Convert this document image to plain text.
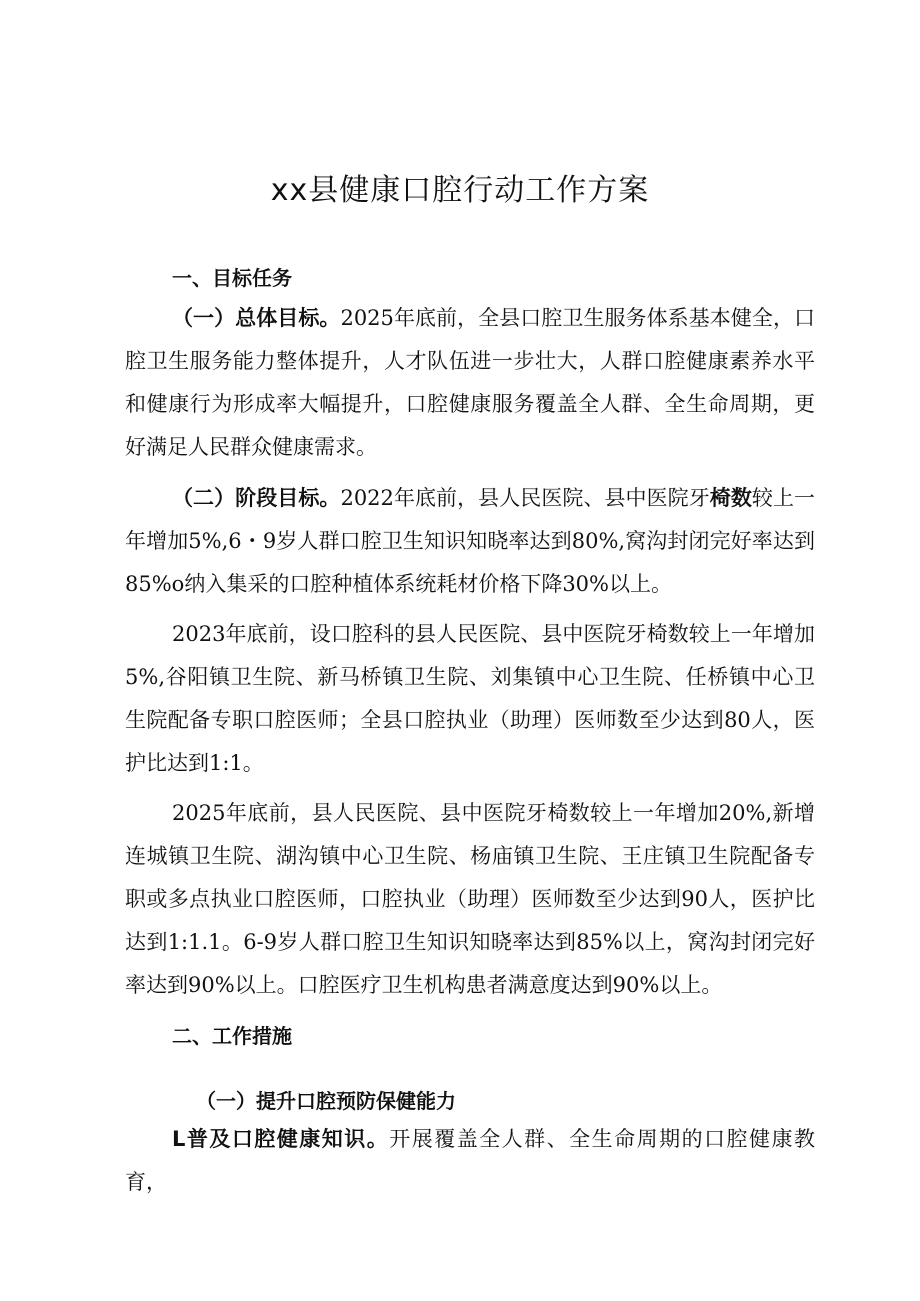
xx县健康口腔行动工作方案
一、目标任务

（一）总体目标。2025年底前，全县口腔卫生服务体系基本健全，口腔卫生服务能力整体提升，人才队伍进一步壮大，人群口腔健康素养水平和健康行为形成率大幅提升，口腔健康服务覆盖全人群、全生命周期，更好满足人民群众健康需求。

（二）阶段目标。2022年底前，县人民医院、县中医院牙椅数较上一年增加5%,6・9岁人群口腔卫生知识知晓率达到80%,窝沟封闭完好率达到85%o纳入集采的口腔种植体系统耗材价格下降30%以上。

2023年底前，设口腔科的县人民医院、县中医院牙椅数较上一年增加5%,谷阳镇卫生院、新马桥镇卫生院、刘集镇中心卫生院、任桥镇中心卫生院配备专职口腔医师；全县口腔执业（助理）医师数至少达到80人，医护比达到1:1。

2025年底前，县人民医院、县中医院牙椅数较上一年增加20%,新增连城镇卫生院、湖沟镇中心卫生院、杨庙镇卫生院、王庄镇卫生院配备专职或多点执业口腔医师，口腔执业（助理）医师数至少达到90人，医护比达到1:1.1。6-9岁人群口腔卫生知识知晓率达到85%以上，窝沟封闭完好率达到90%以上。口腔医疗卫生机构患者满意度达到90%以上。

二、工作措施
（一）提升口腔预防保健能力

L普及口腔健康知识。开展覆盖全人群、全生命周期的口腔健康教育，
